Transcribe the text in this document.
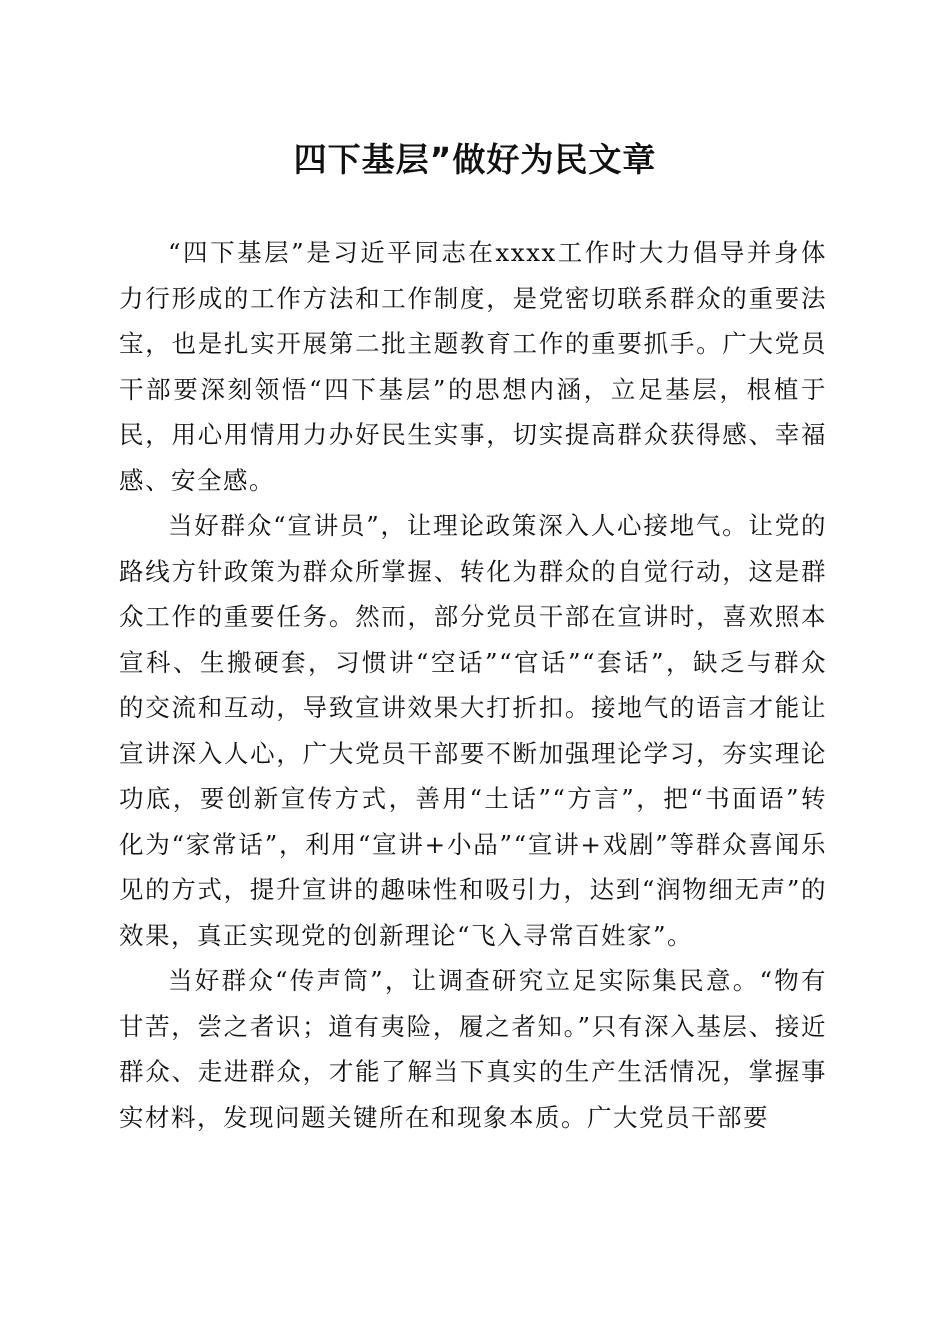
四下基层”做好为民文章

“四下基层”是习近平同志在xxxx工作时大力倡导并身体力行形成的工作方法和工作制度，是党密切联系群众的重要法宝，也是扎实开展第二批主题教育工作的重要抓手。广大党员干部要深刻领悟“四下基层”的思想内涵，立足基层，根植于民，用心用情用力办好民生实事，切实提高群众获得感、幸福感、安全感。

当好群众“宣讲员”，让理论政策深入人心接地气。让党的路线方针政策为群众所掌握、转化为群众的自觉行动，这是群众工作的重要任务。然而，部分党员干部在宣讲时，喜欢照本宣科、生搬硬套，习惯讲“空话”“官话”“套话”，缺乏与群众的交流和互动，导致宣讲效果大打折扣。接地气的语言才能让宣讲深入人心，广大党员干部要不断加强理论学习，夯实理论功底，要创新宣传方式，善用“土话”“方言”，把“书面语”转化为“家常话”，利用“宣讲+小品”“宣讲+戏剧”等群众喜闻乐见的方式，提升宣讲的趣味性和吸引力，达到“润物细无声”的效果，真正实现党的创新理论“飞入寻常百姓家”。

当好群众“传声筒”，让调查研究立足实际集民意。“物有甘苦，尝之者识；道有夷险，履之者知。”只有深入基层、接近群众、走进群众，才能了解当下真实的生产生活情况，掌握事实材料，发现问题关键所在和现象本质。广大党员干部要
